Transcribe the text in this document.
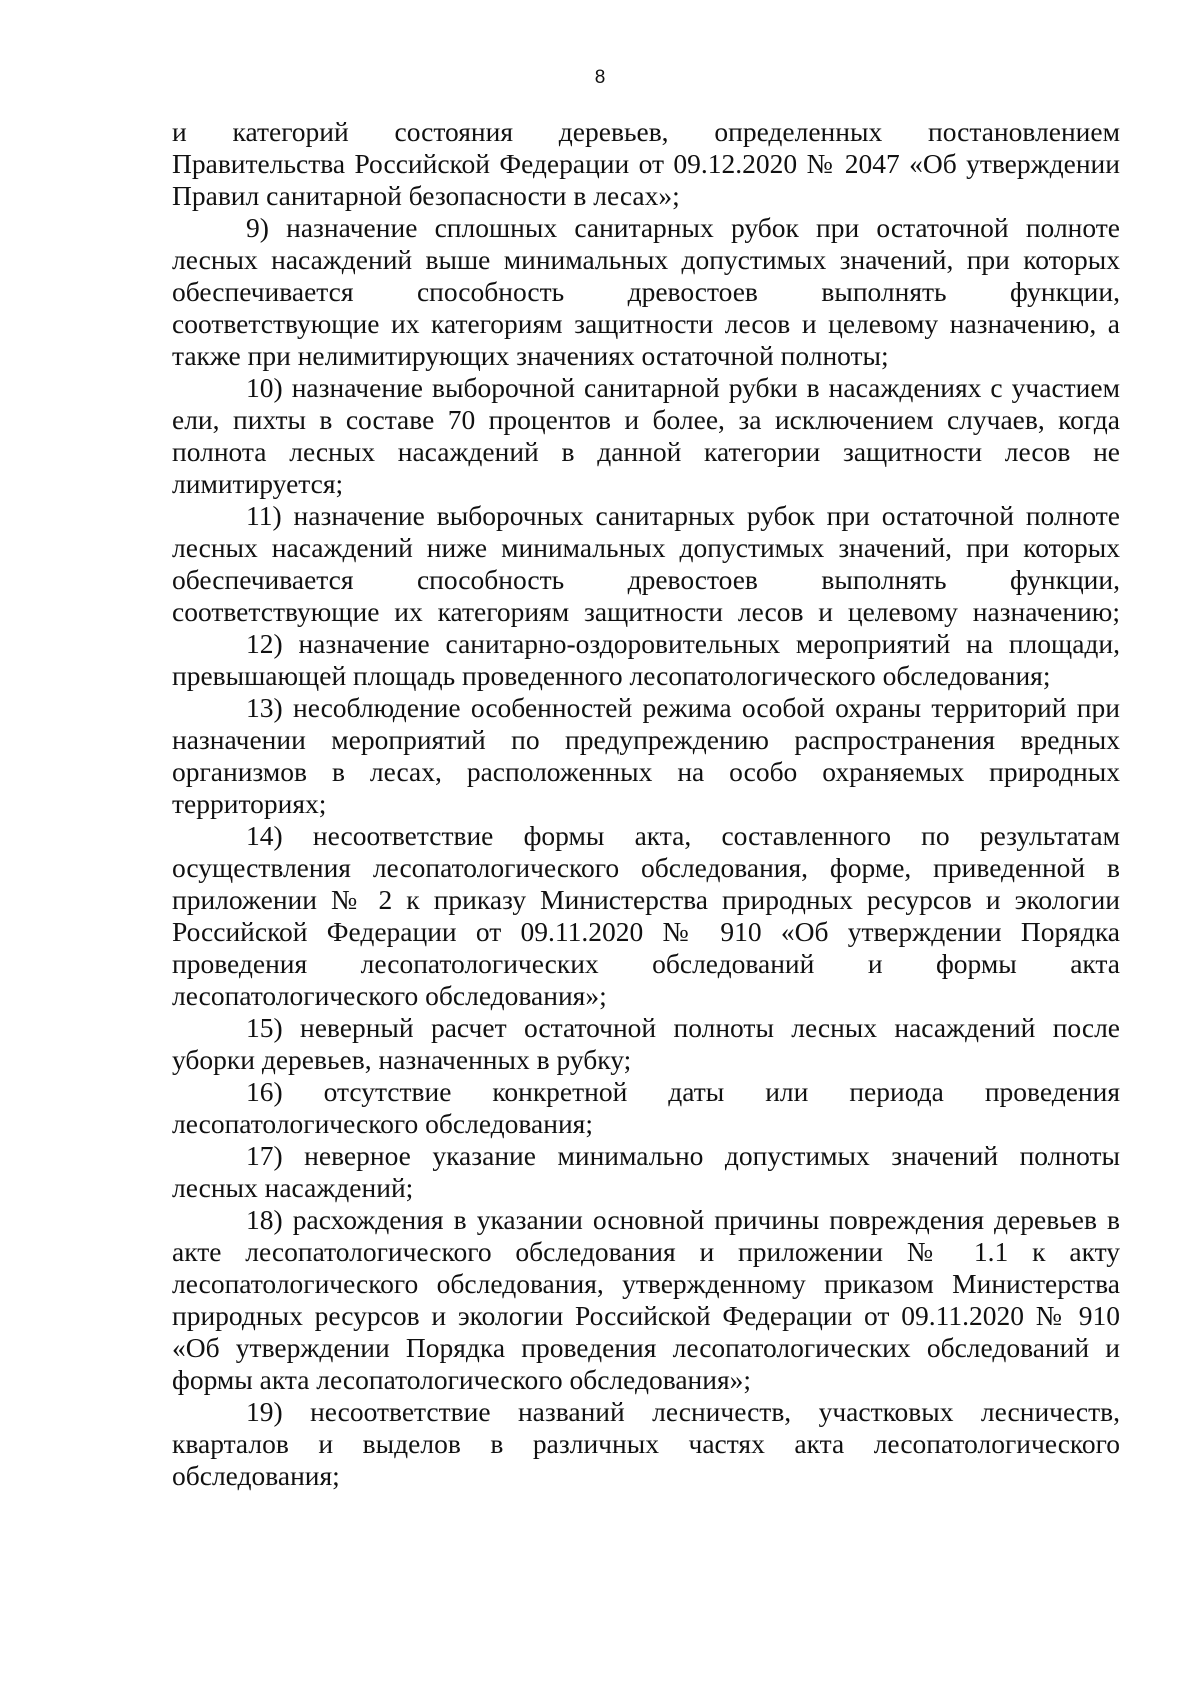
8
и категорий состояния деревьев, определенных постановлением
Правительства Российской Федерации от 09.12.2020 № 2047 «Об утверждении
Правил санитарной безопасности в лесах»;
9) назначение сплошных санитарных рубок при остаточной полноте
лесных насаждений выше минимальных допустимых значений, при которых
обеспечивается способность древостоев выполнять функции,
соответствующие их категориям защитности лесов и целевому назначению, а
также при нелимитирующих значениях остаточной полноты;
10) назначение выборочной санитарной рубки в насаждениях с участием
ели, пихты в составе 70 процентов и более, за исключением случаев, когда
полнота лесных насаждений в данной категории защитности лесов не
лимитируется;
11) назначение выборочных санитарных рубок при остаточной полноте
лесных насаждений ниже минимальных допустимых значений, при которых
обеспечивается способность древостоев выполнять функции,
соответствующие их категориям защитности лесов и целевому назначению;
12) назначение санитарно-оздоровительных мероприятий на площади,
превышающей площадь проведенного лесопатологического обследования;
13) несоблюдение особенностей режима особой охраны территорий при
назначении мероприятий по предупреждению распространения вредных
организмов в лесах, расположенных на особо охраняемых природных
территориях;
14) несоответствие формы акта, составленного по результатам
осуществления лесопатологического обследования, форме, приведенной в
приложении № 2 к приказу Министерства природных ресурсов и экологии
Российской Федерации от 09.11.2020 № 910 «Об утверждении Порядка
проведения лесопатологических обследований и формы акта
лесопатологического обследования»;
15) неверный расчет остаточной полноты лесных насаждений после
уборки деревьев, назначенных в рубку;
16) отсутствие конкретной даты или периода проведения
лесопатологического обследования;
17) неверное указание минимально допустимых значений полноты
лесных насаждений;
18) расхождения в указании основной причины повреждения деревьев в
акте лесопатологического обследования и приложении № 1.1 к акту
лесопатологического обследования, утвержденному приказом Министерства
природных ресурсов и экологии Российской Федерации от 09.11.2020 № 910
«Об утверждении Порядка проведения лесопатологических обследований и
формы акта лесопатологического обследования»;
19) несоответствие названий лесничеств, участковых лесничеств,
кварталов и выделов в различных частях акта лесопатологического
обследования;
